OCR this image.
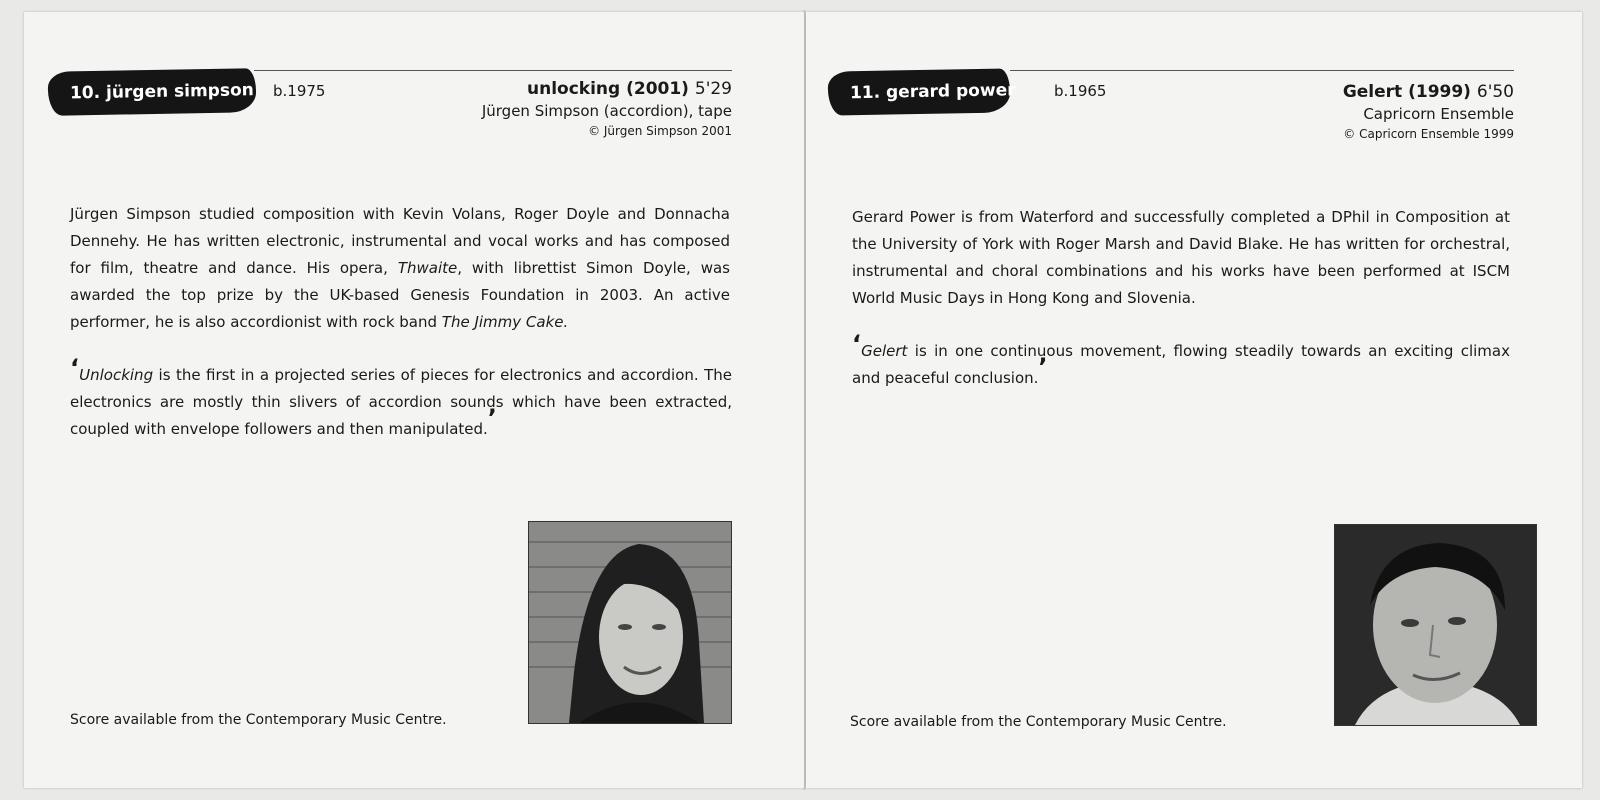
10. jürgen simpson b.1975	unlocking (2001) 5'29
Jürgen Simpson (accordion), tape
© Jürgen Simpson 2001

Jürgen Simpson studied composition with Kevin Volans, Roger Doyle and Donnacha Dennehy. He has written electronic, instrumental and vocal works and has composed for film, theatre and dance. His opera, Thwaite, with librettist Simon Doyle, was awarded the top prize by the UK-based Genesis Foundation in 2003. An active performer, he is also accordionist with rock band The Jimmy Cake.

‘Unlocking is the first in a projected series of pieces for electronics and accordion. The electronics are mostly thin slivers of accordion sounds which have been extracted, coupled with envelope followers and then manipulated.’

Score available from the Contemporary Music Centre.
11. gerard power	b.1965	Gelert (1999) 6'50
Capricorn Ensemble
© Capricorn Ensemble 1999

Gerard Power is from Waterford and successfully completed a DPhil in Composition at the University of York with Roger Marsh and David Blake. He has written for orchestral, instrumental and choral combinations and his works have been performed at ISCM World Music Days in Hong Kong and Slovenia.

‘Gelert is in one continuous movement, flowing steadily towards an exciting climax and peaceful conclusion.’

Score available from the Contemporary Music Centre.
